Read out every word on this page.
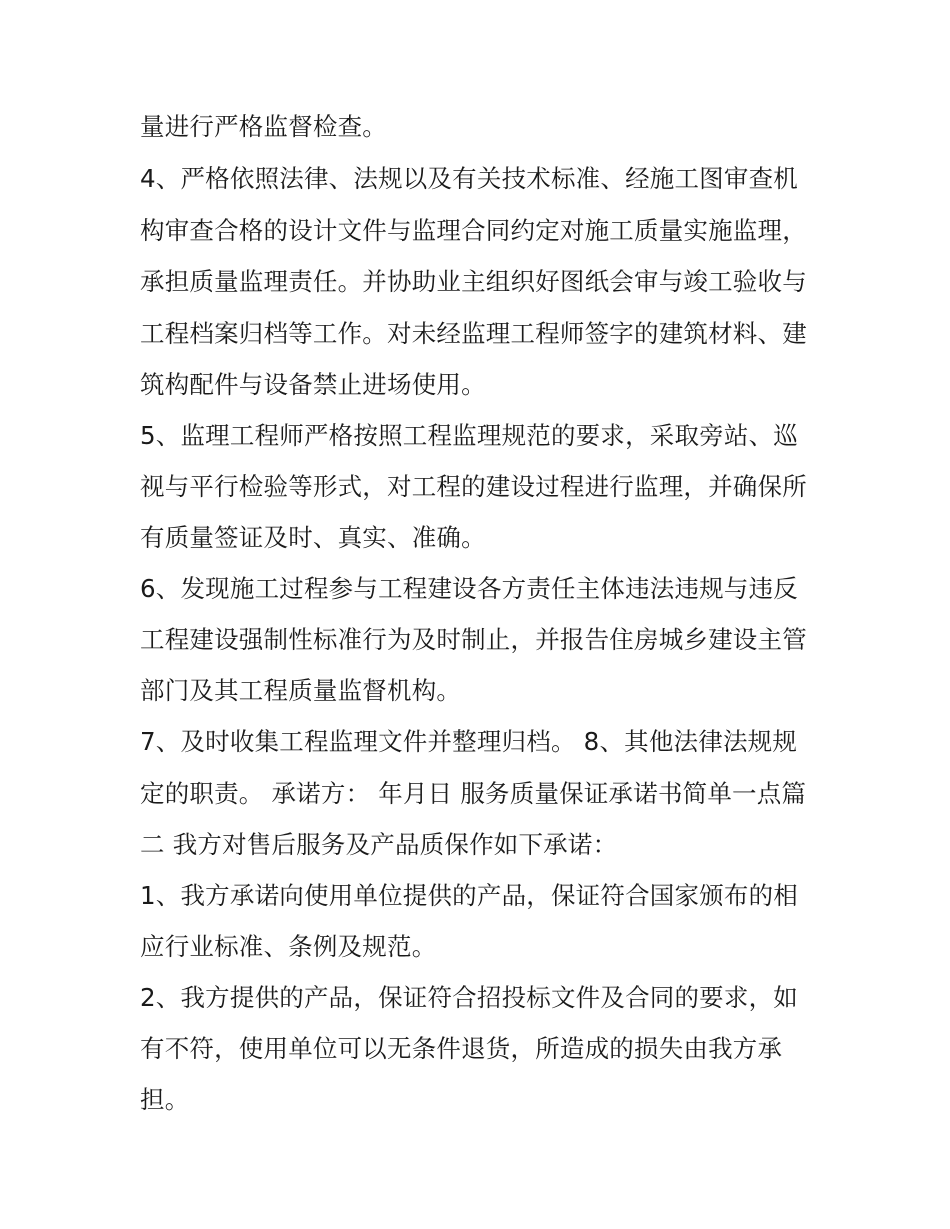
量进行严格监督检查。
4、严格依照法律、法规以及有关技术标准、经施工图审查机
构审查合格的设计文件与监理合同约定对施工质量实施监理，
承担质量监理责任。并协助业主组织好图纸会审与竣工验收与
工程档案归档等工作。对未经监理工程师签字的建筑材料、建
筑构配件与设备禁止进场使用。
5、监理工程师严格按照工程监理规范的要求，采取旁站、巡
视与平行检验等形式，对工程的建设过程进行监理，并确保所
有质量签证及时、真实、准确。
6、发现施工过程参与工程建设各方责任主体违法违规与违反
工程建设强制性标准行为及时制止，并报告住房城乡建设主管
部门及其工程质量监督机构。
7、及时收集工程监理文件并整理归档。 8、其他法律法规规
定的职责。 承诺方： 年月日 服务质量保证承诺书简单一点篇
二 我方对售后服务及产品质保作如下承诺：
1、我方承诺向使用单位提供的产品，保证符合国家颁布的相
应行业标准、条例及规范。
2、我方提供的产品，保证符合招投标文件及合同的要求，如
有不符，使用单位可以无条件退货，所造成的损失由我方承
担。
